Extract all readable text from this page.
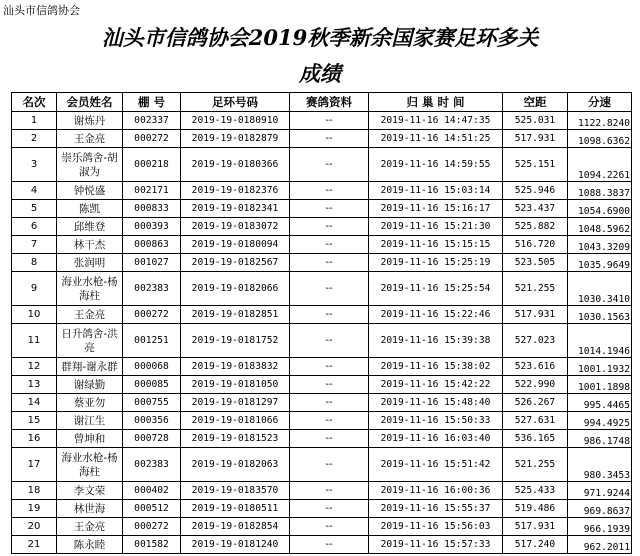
汕头市信鸽协会
汕头市信鸽协会2019秋季新余国家赛足环多关
成绩
名次	会员姓名	棚 号	足环号码	赛鸽资料	归 巢 时 间	空距	分速
1	谢炼丹	002337	2019-19-0180910	--	2019-11-16 14:47:35	525.031	1122.8240
2	王金亮	000272	2019-19-0182879	--	2019-11-16 14:51:25	517.931	1098.6362
3	崇乐鸽舍-胡淑为	000218	2019-19-0180366	--	2019-11-16 14:59:55	525.151	1094.2261
4	钟悦盛	002171	2019-19-0182376	--	2019-11-16 15:03:14	525.946	1088.3837
5	陈凯	000833	2019-19-0182341	--	2019-11-16 15:16:17	523.437	1054.6900
6	邱维登	000393	2019-19-0183072	--	2019-11-16 15:21:30	525.882	1048.5962
7	林干杰	000863	2019-19-0180094	--	2019-11-16 15:15:15	516.720	1043.3209
8	张润明	001027	2019-19-0182567	--	2019-11-16 15:25:19	523.505	1035.9649
9	海业水枪-杨海柱	002383	2019-19-0182066	--	2019-11-16 15:25:54	521.255	1030.3410
10	王金亮	000272	2019-19-0182851	--	2019-11-16 15:22:46	517.931	1030.1563
11	日升鸽舍-洪亮	001251	2019-19-0181752	--	2019-11-16 15:39:38	527.023	1014.1946
12	群翔-谢永群	000068	2019-19-0183832	--	2019-11-16 15:38:02	523.616	1001.1932
13	谢绿勤	000085	2019-19-0181050	--	2019-11-16 15:42:22	522.990	1001.1898
14	蔡亚勿	000755	2019-19-0181297	--	2019-11-16 15:48:40	526.267	995.4465
15	谢江生	000356	2019-19-0181066	--	2019-11-16 15:50:33	527.631	994.4925
16	曾坤和	000728	2019-19-0181523	--	2019-11-16 16:03:40	536.165	986.1748
17	海业水枪-杨海柱	002383	2019-19-0182063	--	2019-11-16 15:51:42	521.255	980.3453
18	李文荣	000402	2019-19-0183570	--	2019-11-16 16:00:36	525.433	971.9244
19	林世海	000512	2019-19-0180511	--	2019-11-16 15:55:37	519.486	969.8637
20	王金亮	000272	2019-19-0182854	--	2019-11-16 15:56:03	517.931	966.1939
21	陈永睦	001582	2019-19-0181240	--	2019-11-16 15:57:33	517.240	962.2011
